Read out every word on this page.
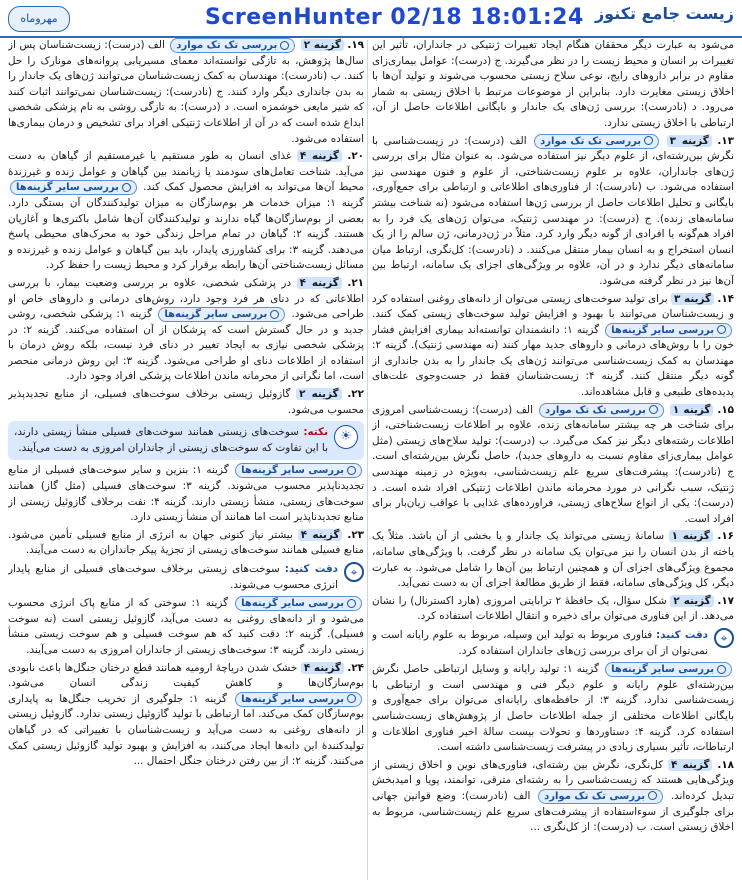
زیست جامع تکنوز
مهروماه	ScreenHunter 02/18 18:01:24

می‌شود به عبارت دیگر محققان هنگام ایجاد تغییرات ژنتیکی در جانداران، تأثیر این تغییرات بر انسان و محیط زیست را در نظر می‌گیرند. ج (درست): عوامل بیماری‌زای مقاوم در برابر داروهای رایج، نوعی سلاح زیستی محسوب می‌شوند و تولید آن‌ها با اخلاق زیستی مغایرت دارد. بنابراین از موضوعات مرتبط با اخلاق زیستی به شمار می‌رود. د (نادرست): بررسی ژن‌های یک جاندار و بایگانی اطلاعات حاصل از آن، ارتباطی با اخلاق زیستی ندارد.

۱۳. گزینه ۳ بررسی تک تک موارد الف (درست): در زیست‌شناسی با نگرش بین‌رشته‌ای، از علوم دیگر نیز استفاده می‌شود. به عنوان مثال برای بررسی ژن‌های جانداران، علاوه بر علوم زیست‌شناختی، از علوم و فنون مهندسی نیز استفاده می‌شود. ب (نادرست): از فناوری‌های اطلاعاتی و ارتباطی برای جمع‌آوری، بایگانی و تحلیل اطلاعات حاصل از بررسی ژن‌ها استفاده می‌شود (نه شناخت بیشتر سامانه‌های زنده). ج (درست): در مهندسی ژنتیک، می‌توان ژن‌های یک فرد را به افراد هم‌گونه یا افرادی از گونه دیگر وارد کرد. مثلاً در ژن‌درمانی، ژن سالم را از یک انسان استخراج و به انسان بیمار منتقل می‌کنند. د (نادرست): کل‌نگری، ارتباط میان سامانه‌های دیگر ندارد و در آن، علاوه بر ویژگی‌های اجزای یک سامانه، ارتباط بین آن‌ها نیز در نظر گرفته می‌شود.

۱۴. گزینه ۳ برای تولید سوخت‌های زیستی می‌توان از دانه‌های روغنی استفاده کرد و زیست‌شناسان می‌توانند با بهبود و افزایش تولید سوخت‌های زیستی کمک کنند. بررسی سایر گزینه‌ها گزینه ۱: دانشمندان توانسته‌اند بیماری افزایش فشار خون را با روش‌های درمانی و داروهای جدید مهار کنند (نه مهندسی ژنتیک). گزینه ۲: مهندسان به کمک زیست‌شناسی می‌توانند ژن‌های یک جاندار را به بدن جانداری از گونه دیگر منتقل کنند. گزینه ۴: زیست‌شناسان فقط در جست‌وجوی علت‌های پدیده‌های طبیعی و قابل مشاهده‌اند.

۱۵. گزینه ۱ بررسی تک تک موارد الف (درست): زیست‌شناسی امروزی برای شناخت هر چه بیشتر سامانه‌های زنده، علاوه بر اطلاعات زیست‌شناختی، از اطلاعات رشته‌های دیگر نیز کمک می‌گیرد. ب (درست): تولید سلاح‌های زیستی (مثل عوامل بیماری‌زای مقاوم نسبت به داروهای جدید)، حاصل نگرش بین‌رشته‌ای است. ج (نادرست): پیشرفت‌های سریع علم زیست‌شناسی، به‌ویژه در زمینه مهندسی ژنتیک، سبب نگرانی در مورد محرمانه ماندن اطلاعات ژنتیکی افراد شده است. د (درست): یکی از انواع سلاح‌های زیستی، فراورده‌های غذایی با عواقب زیان‌بار برای افراد است.

۱۶. گزینه ۱ سامانهٔ زیستی می‌تواند یک جاندار و یا بخشی از آن باشد. مثلاً یک یاخته از بدن انسان را نیز می‌توان یک سامانه در نظر گرفت. با ویژگی‌های سامانه، مجموع ویژگی‌های اجزای آن و همچنین ارتباط بین آن‌ها را شامل می‌شود. به عبارت دیگر، کل ویژگی‌های سامانه، فقط از طریق مطالعهٔ اجزای آن به دست نمی‌آید.

۱۷. گزینه ۲ شکل سؤال، یک حافظهٔ ۲ ترابایتی امروزی (هارد اکسترنال) را نشان می‌دهد. از این فناوری می‌توان برای ذخیره و انتقال اطلاعات استفاده کرد.

⌖
دقت کنید: فناوری مربوط به تولید این وسیله، مربوط به علوم رایانه است و نمی‌توان از آن برای بررسی ژن‌های جانداران استفاده کرد.

بررسی سایر گزینه‌ها گزینه ۱: تولید رایانه و وسایل ارتباطی حاصل نگرش بین‌رشته‌ای علوم رایانه و علوم دیگر فنی و مهندسی است و ارتباطی با زیست‌شناسی ندارد. گزینه ۳: از حافظه‌های رایانه‌ای می‌توان برای جمع‌آوری و بایگانی اطلاعات مختلفی از جمله اطلاعات حاصل از پژوهش‌های زیست‌شناسی استفاده کرد. گزینه ۴: دستاوردها و تحولات بیست سالهٔ اخیر فناوری اطلاعات و ارتباطات، تأثیر بسیاری زیادی در پیشرفت زیست‌شناسی داشته است.

۱۸. گزینه ۴ کل‌نگری، نگرش بین رشته‌ای، فناوری‌های نوین و اخلاق زیستی از ویژگی‌هایی هستند که زیست‌شناسی را به رشته‌ای مترقی، توانمند، پویا و امیدبخش تبدیل کرده‌اند. بررسی تک تک موارد الف (نادرست): وضع قوانین جهانی برای جلوگیری از سوءاستفاده از پیشرفت‌های سریع علم زیست‌شناسی، مربوط به اخلاق زیستی است. ب (درست): از کل‌نگری ...

۱۹. گزینه ۲ بررسی تک تک موارد الف (درست): زیست‌شناسان پس از سال‌ها پژوهش، به تازگی توانسته‌اند معمای مسیریابی پروانه‌های مونارک را حل کنند. ب (نادرست): مهندسان به کمک زیست‌شناسان می‌توانند ژن‌های یک جاندار را به بدن جانداری دیگر وارد کنند. ج (نادرست): زیست‌شناسان نمی‌توانند اثبات کنند که شیر مایعی خوشمزه است. د (درست): به تازگی روشی به نام پزشکی شخصی ابداع شده است که در آن از اطلاعات ژنتیکی افراد برای تشخیص و درمان بیماری‌ها استفاده می‌شود.

۲۰. گزینه ۴ غذای انسان به طور مستقیم یا غیرمستقیم از گیاهان به دست می‌آید. شناخت تعامل‌های سودمند یا زیانمند بین گیاهان و عوامل زنده و غیرزندهٔ محیط آن‌ها می‌تواند به افزایش محصول کمک کند. بررسی سایر گزینه‌ها گزینه ۱: میزان خدمات هر بوم‌سازگان به میزان تولیدکنندگان آن بستگی دارد. بعضی از بوم‌سازگان‌ها گیاه ندارند و تولیدکنندگان آن‌ها شامل باکتری‌ها و آغازیان هستند. گزینه ۲: گیاهان در تمام مراحل زندگی خود به محرک‌های محیطی پاسخ می‌دهند. گزینه ۳: برای کشاورزی پایدار، باید بین گیاهان و عوامل زنده و غیرزنده و مسائل زیست‌شناختی آن‌ها رابطه برقرار کرد و محیط زیست را حفظ کرد.

۲۱. گزینه ۴ در پزشکی شخصی، علاوه بر بررسی وضعیت بیمار، با بررسی اطلاعاتی که در دنای هر فرد وجود دارد، روش‌های درمانی و داروهای خاص او طراحی می‌شود. بررسی سایر گزینه‌ها گزینه ۱: پزشکی شخصی، روشی جدید و در حال گسترش است که پزشکان از آن استفاده می‌کنند. گزینه ۲: در پزشکی شخصی نیازی به ایجاد تغییر در دنای فرد نیست، بلکه روش درمان با استفاده از اطلاعات دنای او طراحی می‌شود. گزینه ۳: این روش درمانی منحصر است، اما نگرانی از محرمانه ماندن اطلاعات پزشکی افراد وجود دارد.

۲۲. گزینه ۲ گازوئیل زیستی برخلاف سوخت‌های فسیلی، از منابع تجدیدپذیر محسوب می‌شود.

☀
نکته: سوخت‌های زیستی همانند سوخت‌های فسیلی منشأ زیستی دارند، با این تفاوت که سوخت‌های زیستی از جانداران امروزی به دست می‌آیند.

بررسی سایر گزینه‌ها گزینه ۱: بنزین و سایر سوخت‌های فسیلی از منابع تجدیدناپذیر محسوب می‌شوند. گزینه ۳: سوخت‌های فسیلی (مثل گاز) همانند سوخت‌های زیستی، منشأ زیستی دارند. گزینه ۴: نفت برخلاف گازوئیل زیستی از منابع تجدیدناپذیر است اما همانند آن منشأ زیستی دارد.

۲۳. گزینه ۴ بیشتر نیاز کنونی جهان به انرژی از منابع فسیلی تأمین می‌شود. منابع فسیلی همانند سوخت‌های زیستی از تجزیهٔ پیکر جانداران به دست می‌آیند.

⌖
دقت کنید: سوخت‌های زیستی برخلاف سوخت‌های فسیلی از منابع پایدار انرژی محسوب می‌شوند.

بررسی سایر گزینه‌ها گزینه ۱: سوختی که از منابع پاک انرژی محسوب می‌شود و از دانه‌های روغنی به دست می‌آید، گازوئیل زیستی است (نه سوخت فسیلی). گزینه ۲: دقت کنید که هم سوخت فسیلی و هم سوخت زیستی منشأ زیستی دارند. گزینه ۳: سوخت‌های زیستی از جانداران امروزی به دست می‌آیند.

۲۴. گزینه ۴ خشک شدن دریاچهٔ ارومیه همانند قطع درختان جنگل‌ها باعث نابودی بوم‌سازگان‌ها و کاهش کیفیت زندگی انسان می‌شود. بررسی سایر گزینه‌ها گزینه ۱: جلوگیری از تخریب جنگل‌ها به پایداری بوم‌سازگان کمک می‌کند. اما ارتباطی با تولید گازوئیل زیستی ندارد. گازوئیل زیستی از دانه‌های روغنی به دست می‌آید و زیست‌شناسان با تغییراتی که در گیاهان تولیدکنندهٔ این دانه‌ها ایجاد می‌کنند، به افزایش و بهبود تولید گازوئیل زیستی کمک می‌کنند. گزینه ۲: از بین رفتن درختان جنگل احتمال ...
